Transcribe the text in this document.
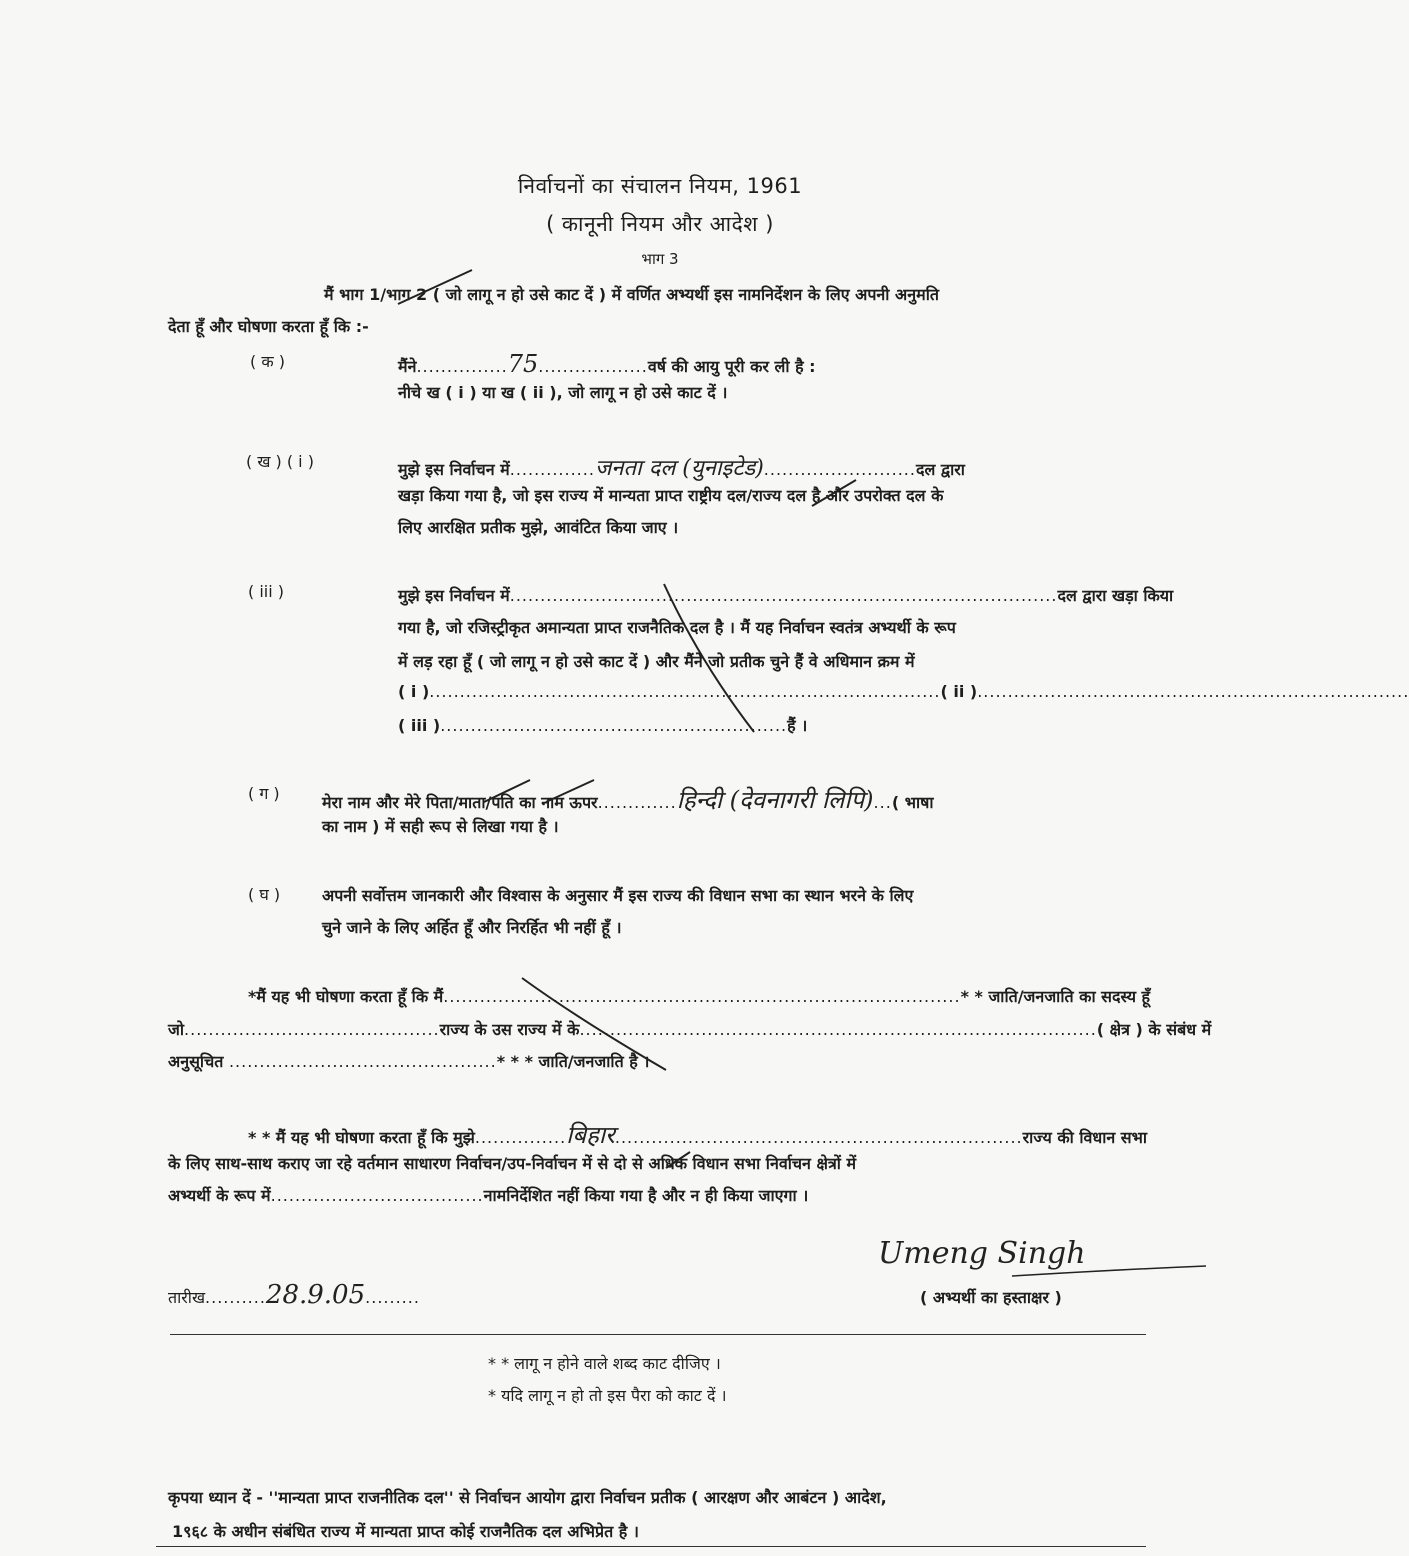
निर्वाचनों का संचालन नियम, 1961
( कानूनी नियम और आदेश )
भाग 3
मैं भाग 1/भाग 2 ( जो लागू न हो उसे काट दें ) में वर्णित अभ्यर्थी इस नामनिर्देशन के लिए अपनी अनुमति
देता हूँ और घोषणा करता हूँ कि :-
( क )	मैंने...............75..................वर्ष की आयु पूरी कर ली है :
नीचे ख ( i ) या ख ( ii ), जो लागू न हो उसे काट दें ।
( ख ) ( i )	मुझे इस निर्वाचन में..............जनता दल (युनाइटेड).........................दल द्वारा
खड़ा किया गया है, जो इस राज्य में मान्यता प्राप्त राष्ट्रीय दल/राज्य दल है और उपरोक्त दल के
लिए आरक्षित प्रतीक मुझे, आवंटित किया जाए ।
( iii )	मुझे इस निर्वाचन में..........................................................................................दल द्वारा खड़ा किया
गया है, जो रजिस्ट्रीकृत अमान्यता प्राप्त राजनैतिक दल है । मैं यह निर्वाचन स्वतंत्र अभ्यर्थी के रूप
में लड़ रहा हूँ ( जो लागू न हो उसे काट दें ) और मैंने जो प्रतीक चुने हैं वे अधिमान क्रम में
( i )....................................................................................( ii ).......................................................................
( iii ).........................................................हैं ।
( ग )	मेरा नाम और मेरे पिता/माता/पति का नाम ऊपर.............हिन्दी (देवनागरी लिपि)...( भाषा
का नाम ) में सही रूप से लिखा गया है ।
( घ )	अपनी सर्वोत्तम जानकारी और विश्वास के अनुसार मैं इस राज्य की विधान सभा का स्थान भरने के लिए
चुने जाने के लिए अर्हित हूँ और निरर्हित भी नहीं हूँ ।
*मैं यह भी घोषणा करता हूँ कि मैं.....................................................................................* * जाति/जनजाति का सदस्य हूँ
जो..........................................राज्य के उस राज्य में के.....................................................................................( क्षेत्र ) के संबंध में
अनुसूचित ............................................* * * जाति/जनजाति है ।
* * मैं यह भी घोषणा करता हूँ कि मुझे...............बिहार...................................................................राज्य की विधान सभा
के लिए साथ-साथ कराए जा रहे वर्तमान साधारण निर्वाचन/उप-निर्वाचन में से दो से अधिक विधान सभा निर्वाचन क्षेत्रों में
अभ्यर्थी के रूप में...................................नामनिर्देशित नहीं किया गया है और न ही किया जाएगा ।
तारीख..........28.9.05.........
Umeng Singh
( अभ्यर्थी का हस्ताक्षर )
* * लागू न होने वाले शब्द काट दीजिए ।
* यदि लागू न हो तो इस पैरा को काट दें ।
कृपया ध्यान दें - ''मान्यता प्राप्त राजनीतिक दल'' से निर्वाचन आयोग द्वारा निर्वाचन प्रतीक ( आरक्षण और आबंटन ) आदेश,
1९६८ के अधीन संबंधित राज्य में मान्यता प्राप्त कोई राजनैतिक दल अभिप्रेत है ।
